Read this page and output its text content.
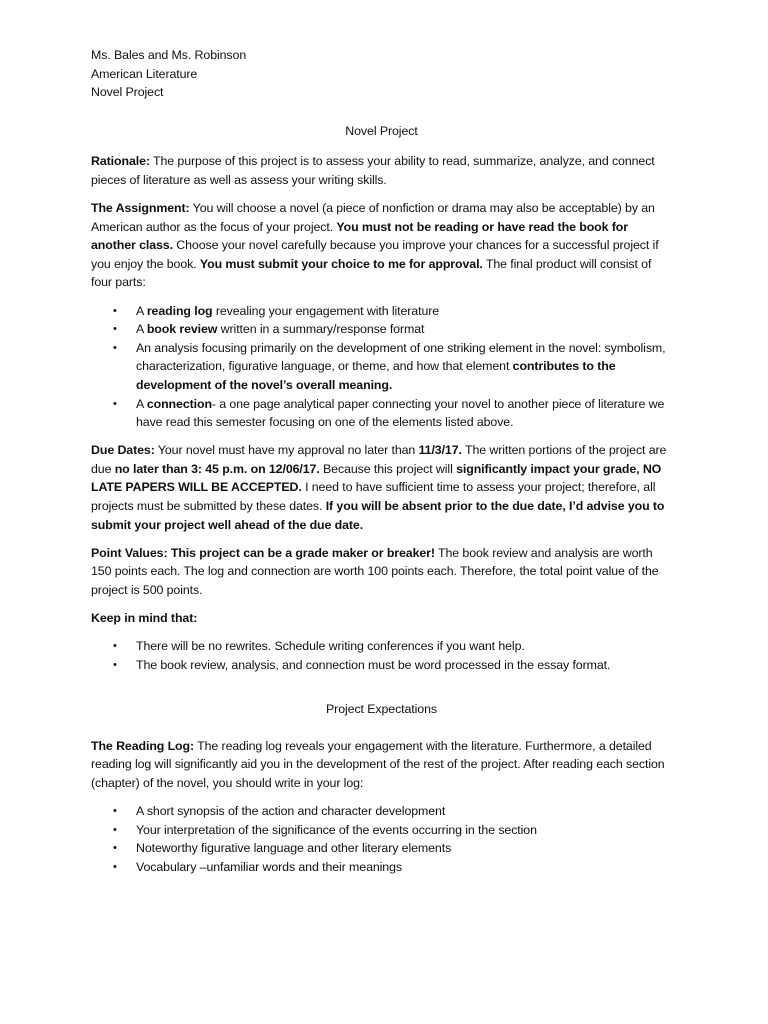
Ms. Bales and Ms. Robinson
American Literature
Novel Project
Novel Project

Rationale: The purpose of this project is to assess your ability to read, summarize, analyze, and connect pieces of literature as well as assess your writing skills.

The Assignment: You will choose a novel (a piece of nonfiction or drama may also be acceptable) by an American author as the focus of your project. You must not be reading or have read the book for another class. Choose your novel carefully because you improve your chances for a successful project if you enjoy the book. You must submit your choice to me for approval. The final product will consist of four parts:

• A reading log revealing your engagement with literature
• A book review written in a summary/response format
• An analysis focusing primarily on the development of one striking element in the novel: symbolism, characterization, figurative language, or theme, and how that element contributes to the development of the novel’s overall meaning.
• A connection- a one page analytical paper connecting your novel to another piece of literature we have read this semester focusing on one of the elements listed above.

Due Dates: Your novel must have my approval no later than 11/3/17. The written portions of the project are due no later than 3: 45 p.m. on 12/06/17. Because this project will significantly impact your grade, NO LATE PAPERS WILL BE ACCEPTED. I need to have sufficient time to assess your project; therefore, all projects must be submitted by these dates. If you will be absent prior to the due date, I’d advise you to submit your project well ahead of the due date.

Point Values: This project can be a grade maker or breaker! The book review and analysis are worth 150 points each. The log and connection are worth 100 points each. Therefore, the total point value of the project is 500 points.

Keep in mind that:

• There will be no rewrites. Schedule writing conferences if you want help.
• The book review, analysis, and connection must be word processed in the essay format.
Project Expectations

The Reading Log: The reading log reveals your engagement with the literature. Furthermore, a detailed reading log will significantly aid you in the development of the rest of the project. After reading each section (chapter) of the novel, you should write in your log:

• A short synopsis of the action and character development
• Your interpretation of the significance of the events occurring in the section
• Noteworthy figurative language and other literary elements
• Vocabulary –unfamiliar words and their meanings
